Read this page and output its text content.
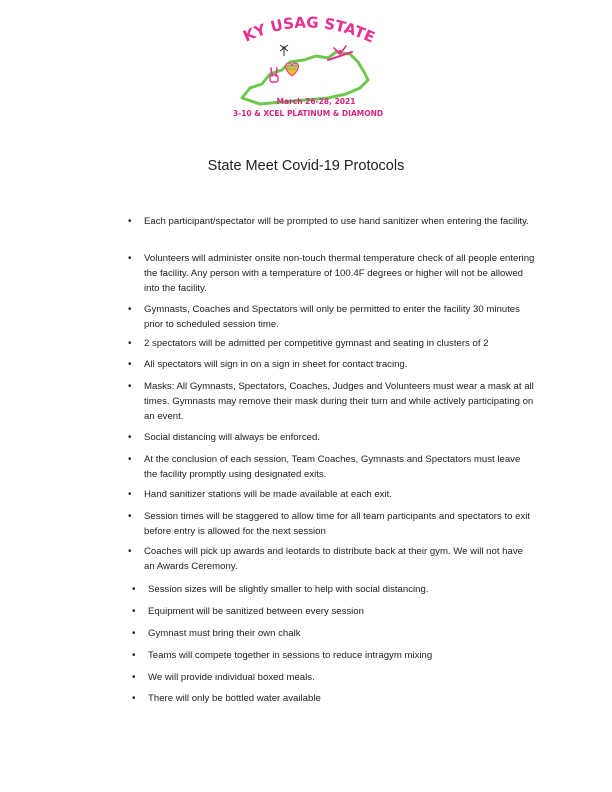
KY USAG STATE
March 26-28, 2021
3-10 & XCEL PLATINUM & DIAMOND
State Meet Covid-19 Protocols
• Each participant/spectator will be prompted to use hand sanitizer when entering the facility.
• Volunteers will administer onsite non-touch thermal temperature check of all people entering the facility. Any person with a temperature of 100.4F degrees or higher will not be allowed into the facility.
• Gymnasts, Coaches and Spectators will only be permitted to enter the facility 30 minutes prior to scheduled session time.
• 2 spectators will be admitted per competitive gymnast and seating in clusters of 2
• All spectators will sign in on a sign in sheet for contact tracing.
• Masks: All Gymnasts, Spectators, Coaches, Judges and Volunteers must wear a mask at all times. Gymnasts may remove their mask during their turn and while actively participating on an event.
• Social distancing will always be enforced.
• At the conclusion of each session, Team Coaches, Gymnasts and Spectators must leave the facility promptly using designated exits.
• Hand sanitizer stations will be made available at each exit.
• Session times will be staggered to allow time for all team participants and spectators to exit before entry is allowed for the next session
• Coaches will pick up awards and leotards to distribute back at their gym. We will not have an Awards Ceremony.
• Session sizes will be slightly smaller to help with social distancing.
• Equipment will be sanitized between every session
• Gymnast must bring their own chalk
• Teams will compete together in sessions to reduce intragym mixing
• We will provide individual boxed meals.
• There will only be bottled water available
